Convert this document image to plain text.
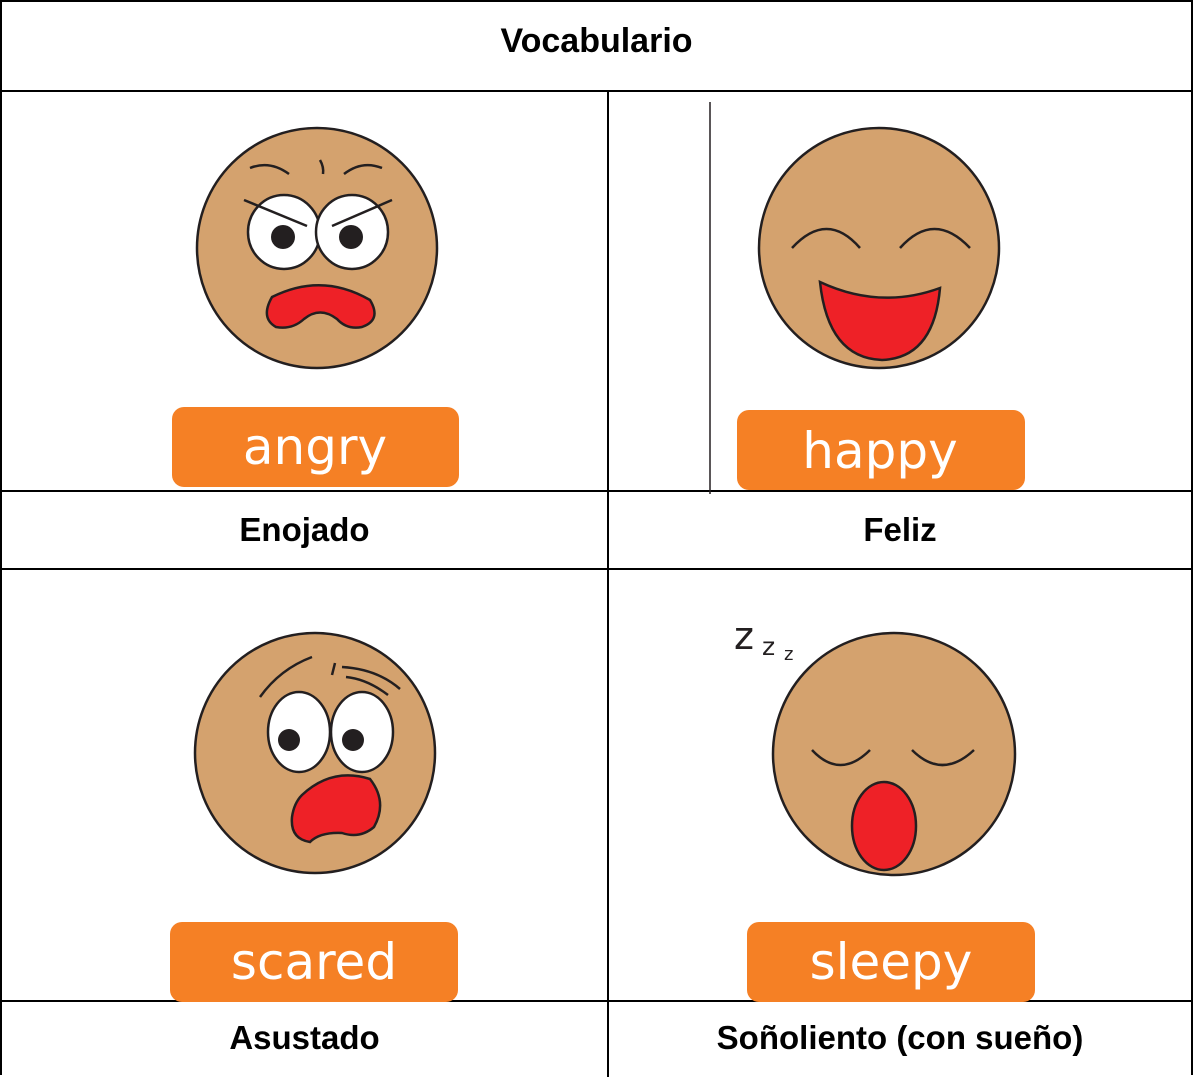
Vocabulario
angry
Enojado
happy
Feliz
scared
Asustado
z z z
sleepy
Soñoliento (con sueño)
